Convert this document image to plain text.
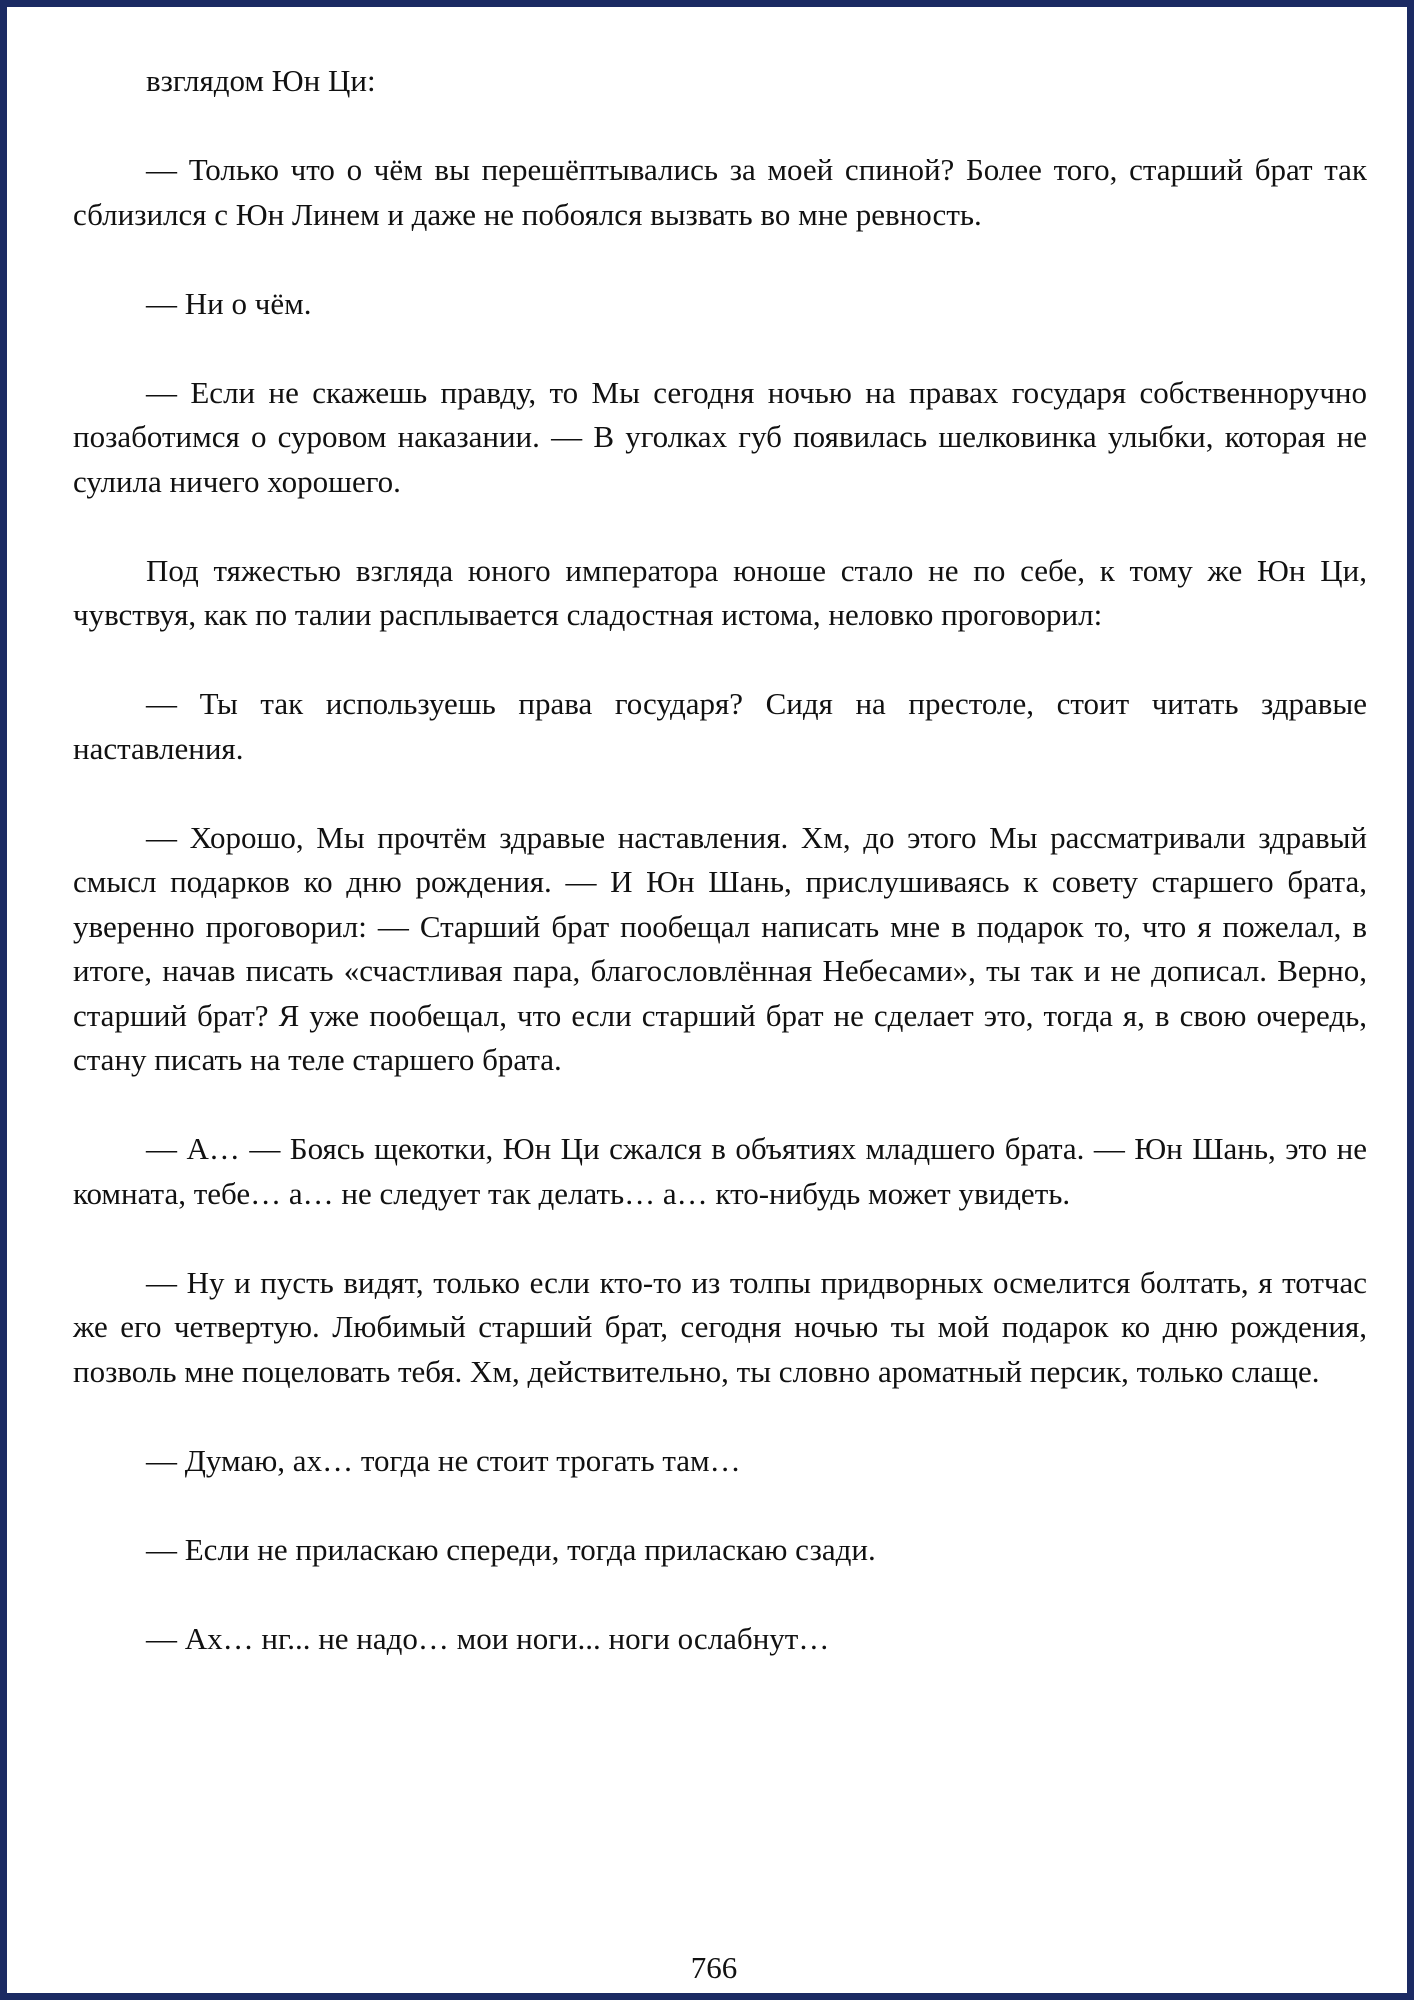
взглядом Юн Ци:

— Только что о чём вы перешёптывались за моей спиной? Более того, старший брат так сблизился с Юн Линем и даже не побоялся вызвать во мне ревность.

— Ни о чём.

— Если не скажешь правду, то Мы сегодня ночью на правах государя собственноручно позаботимся о суровом наказании. — В уголках губ появилась шелковинка улыбки, которая не сулила ничего хорошего.

Под тяжестью взгляда юного императора юноше стало не по себе, к тому же Юн Ци, чувствуя, как по талии расплывается сладостная истома, неловко проговорил:

— Ты так используешь права государя? Сидя на престоле, стоит читать здравые наставления.

— Хорошо, Мы прочтём здравые наставления. Хм, до этого Мы рассматривали здравый смысл подарков ко дню рождения. — И Юн Шань, прислушиваясь к совету старшего брата, уверенно проговорил: — Старший брат пообещал написать мне в подарок то, что я пожелал, в итоге, начав писать «счастливая пара, благословлённая Небесами», ты так и не дописал. Верно, старший брат? Я уже пообещал, что если старший брат не сделает это, тогда я, в свою очередь, стану писать на теле старшего брата.

— А… — Боясь щекотки, Юн Ци сжался в объятиях младшего брата. — Юн Шань, это не комната, тебе… а… не следует так делать… а… кто-нибудь может увидеть.

— Ну и пусть видят, только если кто-то из толпы придворных осмелится болтать, я тотчас же его четвертую. Любимый старший брат, сегодня ночью ты мой подарок ко дню рождения, позволь мне поцеловать тебя. Хм, действительно, ты словно ароматный персик, только слаще.

— Думаю, ах… тогда не стоит трогать там…

— Если не приласкаю спереди, тогда приласкаю сзади.

— Ах… нг... не надо… мои ноги... ноги ослабнут…

766
